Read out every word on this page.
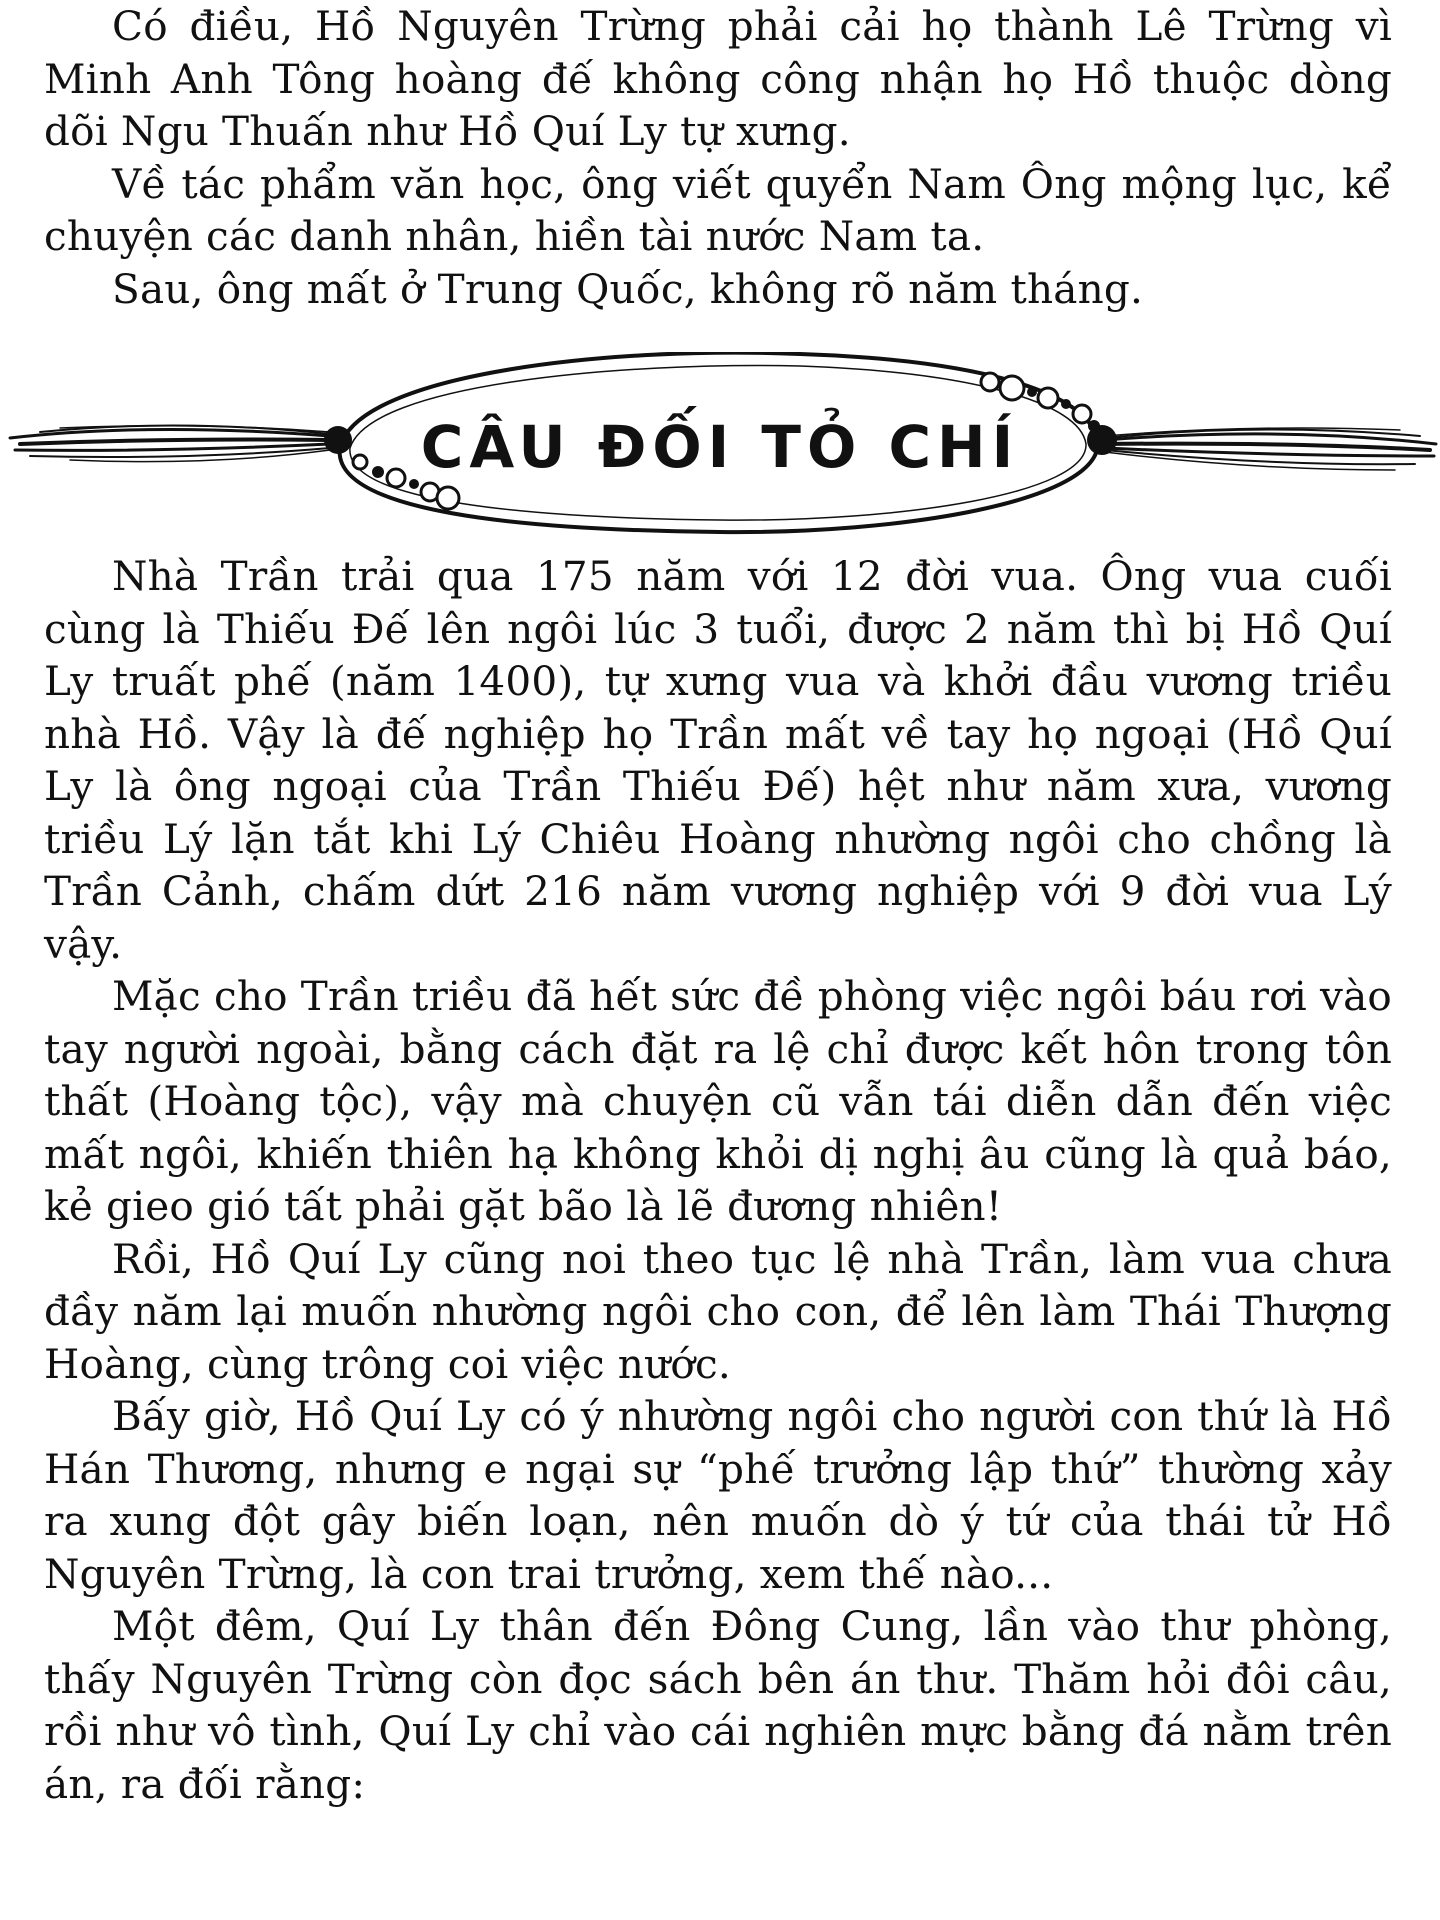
Có điều, Hồ Nguyên Trừng phải cải họ thành Lê Trừng vì Minh Anh Tông hoàng đế không công nhận họ Hồ thuộc dòng dõi Ngu Thuấn như Hồ Quí Ly tự xưng.

Về tác phẩm văn học, ông viết quyển Nam Ông mộng lục, kể chuyện các danh nhân, hiền tài nước Nam ta.

Sau, ông mất ở Trung Quốc, không rõ năm tháng.

CÂU ĐỐI TỎ CHÍ

Nhà Trần trải qua 175 năm với 12 đời vua. Ông vua cuối cùng là Thiếu Đế lên ngôi lúc 3 tuổi, được 2 năm thì bị Hồ Quí Ly truất phế (năm 1400), tự xưng vua và khởi đầu vương triều nhà Hồ. Vậy là đế nghiệp họ Trần mất về tay họ ngoại (Hồ Quí Ly là ông ngoại của Trần Thiếu Đế) hệt như năm xưa, vương triều Lý lặn tắt khi Lý Chiêu Hoàng nhường ngôi cho chồng là Trần Cảnh, chấm dứt 216 năm vương nghiệp với 9 đời vua Lý vậy.

Mặc cho Trần triều đã hết sức đề phòng việc ngôi báu rơi vào tay người ngoài, bằng cách đặt ra lệ chỉ được kết hôn trong tôn thất (Hoàng tộc), vậy mà chuyện cũ vẫn tái diễn dẫn đến việc mất ngôi, khiến thiên hạ không khỏi dị nghị âu cũng là quả báo, kẻ gieo gió tất phải gặt bão là lẽ đương nhiên!

Rồi, Hồ Quí Ly cũng noi theo tục lệ nhà Trần, làm vua chưa đầy năm lại muốn nhường ngôi cho con, để lên làm Thái Thượng Hoàng, cùng trông coi việc nước.

Bấy giờ, Hồ Quí Ly có ý nhường ngôi cho người con thứ là Hồ Hán Thương, nhưng e ngại sự “phế trưởng lập thứ” thường xảy ra xung đột gây biến loạn, nên muốn dò ý tứ của thái tử Hồ Nguyên Trừng, là con trai trưởng, xem thế nào...

Một đêm, Quí Ly thân đến Đông Cung, lần vào thư phòng, thấy Nguyên Trừng còn đọc sách bên án thư. Thăm hỏi đôi câu, rồi như vô tình, Quí Ly chỉ vào cái nghiên mực bằng đá nằm trên án, ra đối rằng:
